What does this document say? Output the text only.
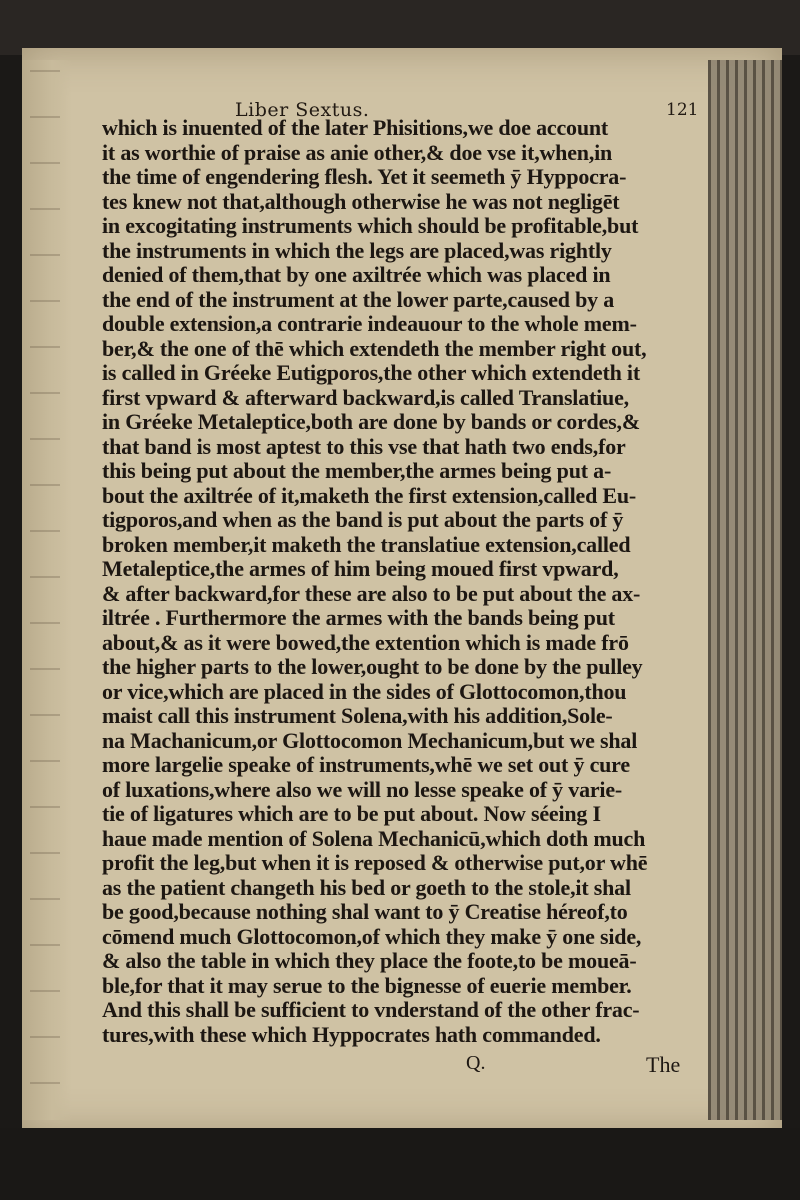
Liber Sextus.	121
which is inuented of the later Phisitions,we doe account
it as worthie of praise as anie other,& doe vse it,when,in
the time of engendering flesh. Yet it seemeth ȳ Hyppocra-
tes knew not that,although otherwise he was not negligēt
in excogitating instruments which should be profitable,but
the instruments in which the legs are placed,was rightly
denied of them,that by one axiltrée which was placed in
the end of the instrument at the lower parte,caused by a
double extension,a contrarie indeauour to the whole mem-
ber,& the one of thē which extendeth the member right out,
is called in Gréeke Eutigporos,the other which extendeth it
first vpward & afterward backward,is called Translatiue,
in Gréeke Metaleptice,both are done by bands or cordes,&
that band is most aptest to this vse that hath two ends,for
this being put about the member,the armes being put a-
bout the axiltrée of it,maketh the first extension,called Eu-
tigporos,and when as the band is put about the parts of ȳ
broken member,it maketh the translatiue extension,called
Metaleptice,the armes of him being moued first vpward,
& after backward,for these are also to be put about the ax-
iltrée . Furthermore the armes with the bands being put
about,& as it were bowed,the extention which is made frō
the higher parts to the lower,ought to be done by the pulley
or vice,which are placed in the sides of Glottocomon,thou
maist call this instrument Solena,with his addition,Sole-
na Machanicum,or Glottocomon Mechanicum,but we shal
more largelie speake of instruments,whē we set out ȳ cure
of luxations,where also we will no lesse speake of ȳ varie-
tie of ligatures which are to be put about. Now séeing I
haue made mention of Solena Mechanicū,which doth much
profit the leg,but when it is reposed & otherwise put,or whē
as the patient changeth his bed or goeth to the stole,it shal
be good,because nothing shal want to ȳ Creatise héreof,to
cōmend much Glottocomon,of which they make ȳ one side,
& also the table in which they place the foote,to be moueā-
ble,for that it may serue to the bignesse of euerie member.
And this shall be sufficient to vnderstand of the other frac-
tures,with these which Hyppocrates hath commanded.
Q.	The
